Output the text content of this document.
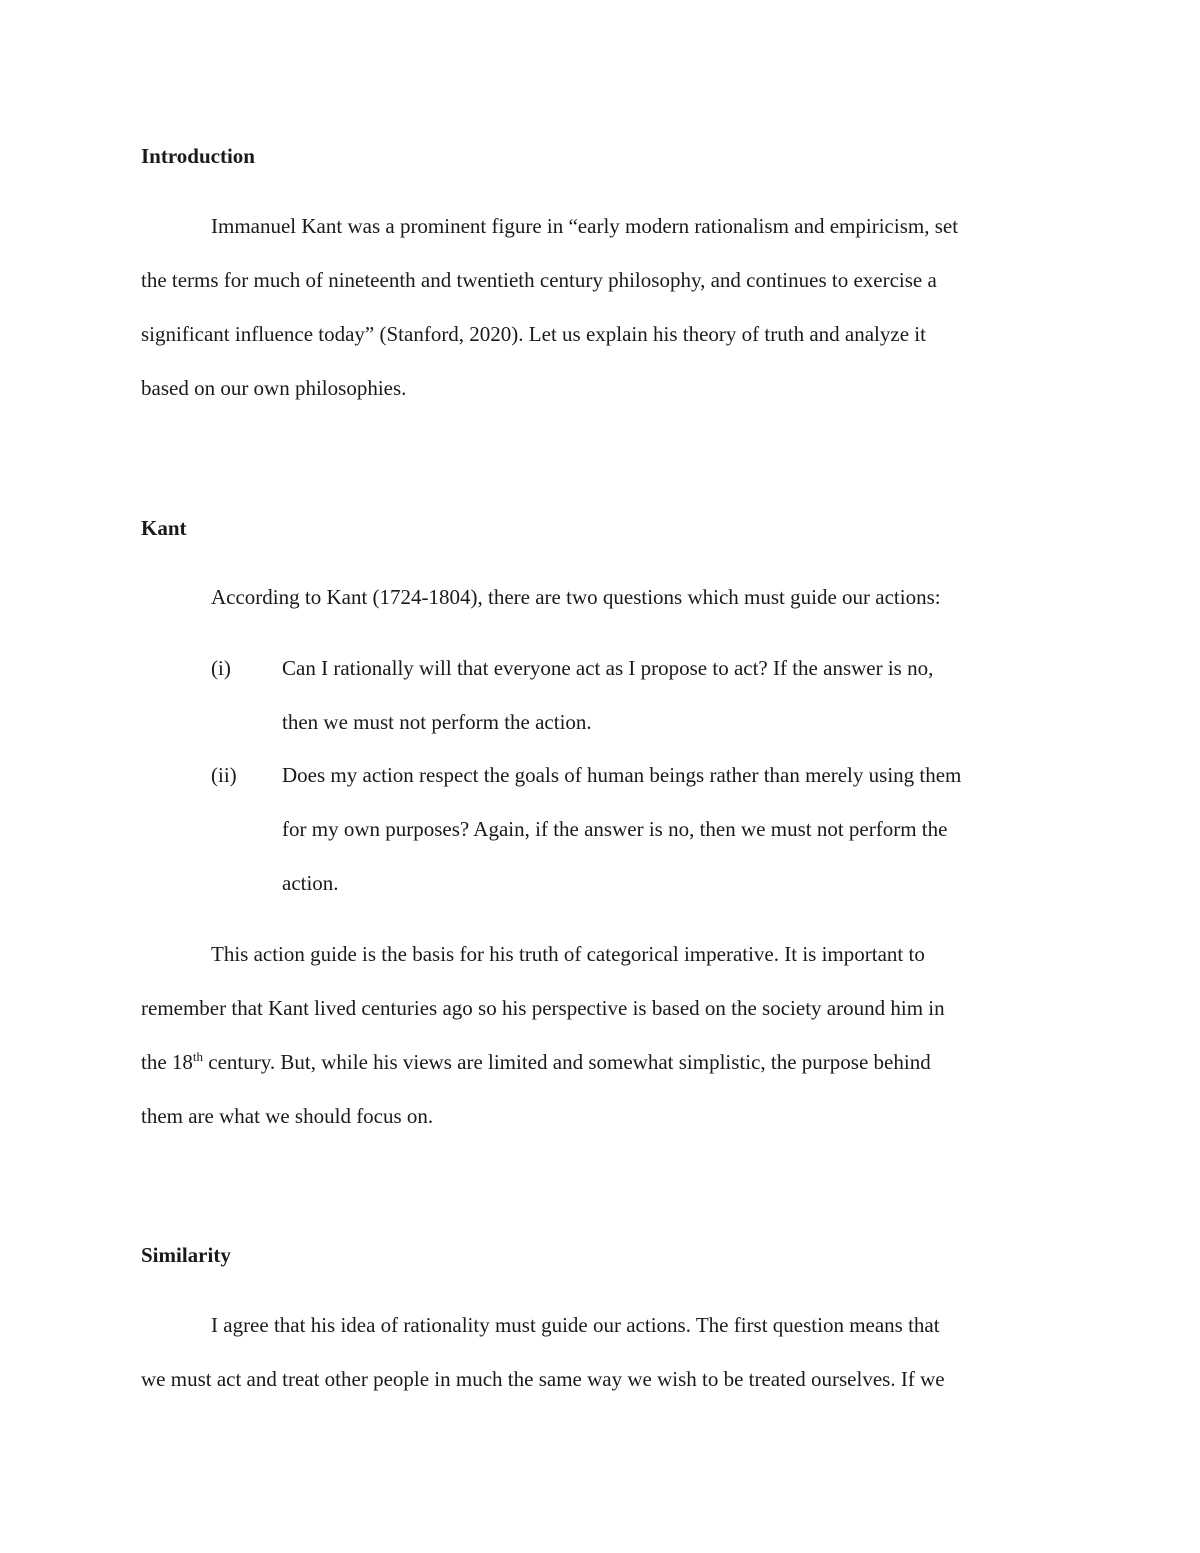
Introduction

Immanuel Kant was a prominent figure in “early modern rationalism and empiricism, set
the terms for much of nineteenth and twentieth century philosophy, and continues to exercise a
significant influence today” (Stanford, 2020). Let us explain his theory of truth and analyze it
based on our own philosophies.

Kant

According to Kant (1724-1804), there are two questions which must guide our actions:

(i) Can I rationally will that everyone act as I propose to act? If the answer is no,
then we must not perform the action.
(ii) Does my action respect the goals of human beings rather than merely using them
for my own purposes? Again, if the answer is no, then we must not perform the
action.

This action guide is the basis for his truth of categorical imperative. It is important to
remember that Kant lived centuries ago so his perspective is based on the society around him in
the 18th century. But, while his views are limited and somewhat simplistic, the purpose behind
them are what we should focus on.

Similarity

I agree that his idea of rationality must guide our actions. The first question means that
we must act and treat other people in much the same way we wish to be treated ourselves. If we
